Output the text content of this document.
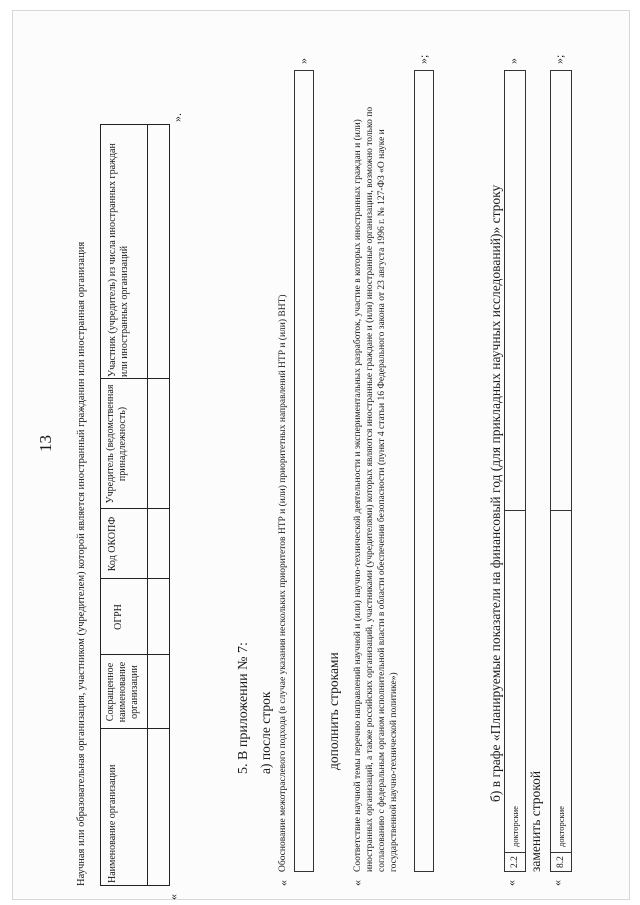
13 Научная или образовательная организация, участником (учредителем) которой является иностранный гражданин или иностранная организация
«
Наименование организации
Сокращенное наименование организации
ОГРН
Код ОКОПФ
Учредитель (ведомственная принадлежность)
Участник (учредитель) из числа иностранных граждан или иностранных организаций
».
5. В приложении № 7: а) после строк
«
Обоснование межотраслевого подхода (в случае указания нескольких приоритетов НТР и (или) приоритетных направлений НТР и (или) ВНТ)
»
дополнить строками
«
Соответствие научной темы перечню направлений научной и (или) научно-технической деятельности и экспериментальных разработок, участие в которых иностранных граждан и (или) иностранных организаций, а также российских организаций, участниками (учредителями) которых являются иностранные граждане и (или) иностранные организации, возможно только по согласованию с федеральным органом исполнительной власти в области обеспечения безопасности (пункт 4 статьи 16 Федерального закона от 23 августа 1996 г. № 127-ФЗ «О науке и государственной научно-технической политике»)
»;
б) в графе «Планируемые показатели на финансовый год (для прикладных научных исследований)» строку
«
2.2
докторские
»
заменить строкой
«
8.2
докторские
»;
